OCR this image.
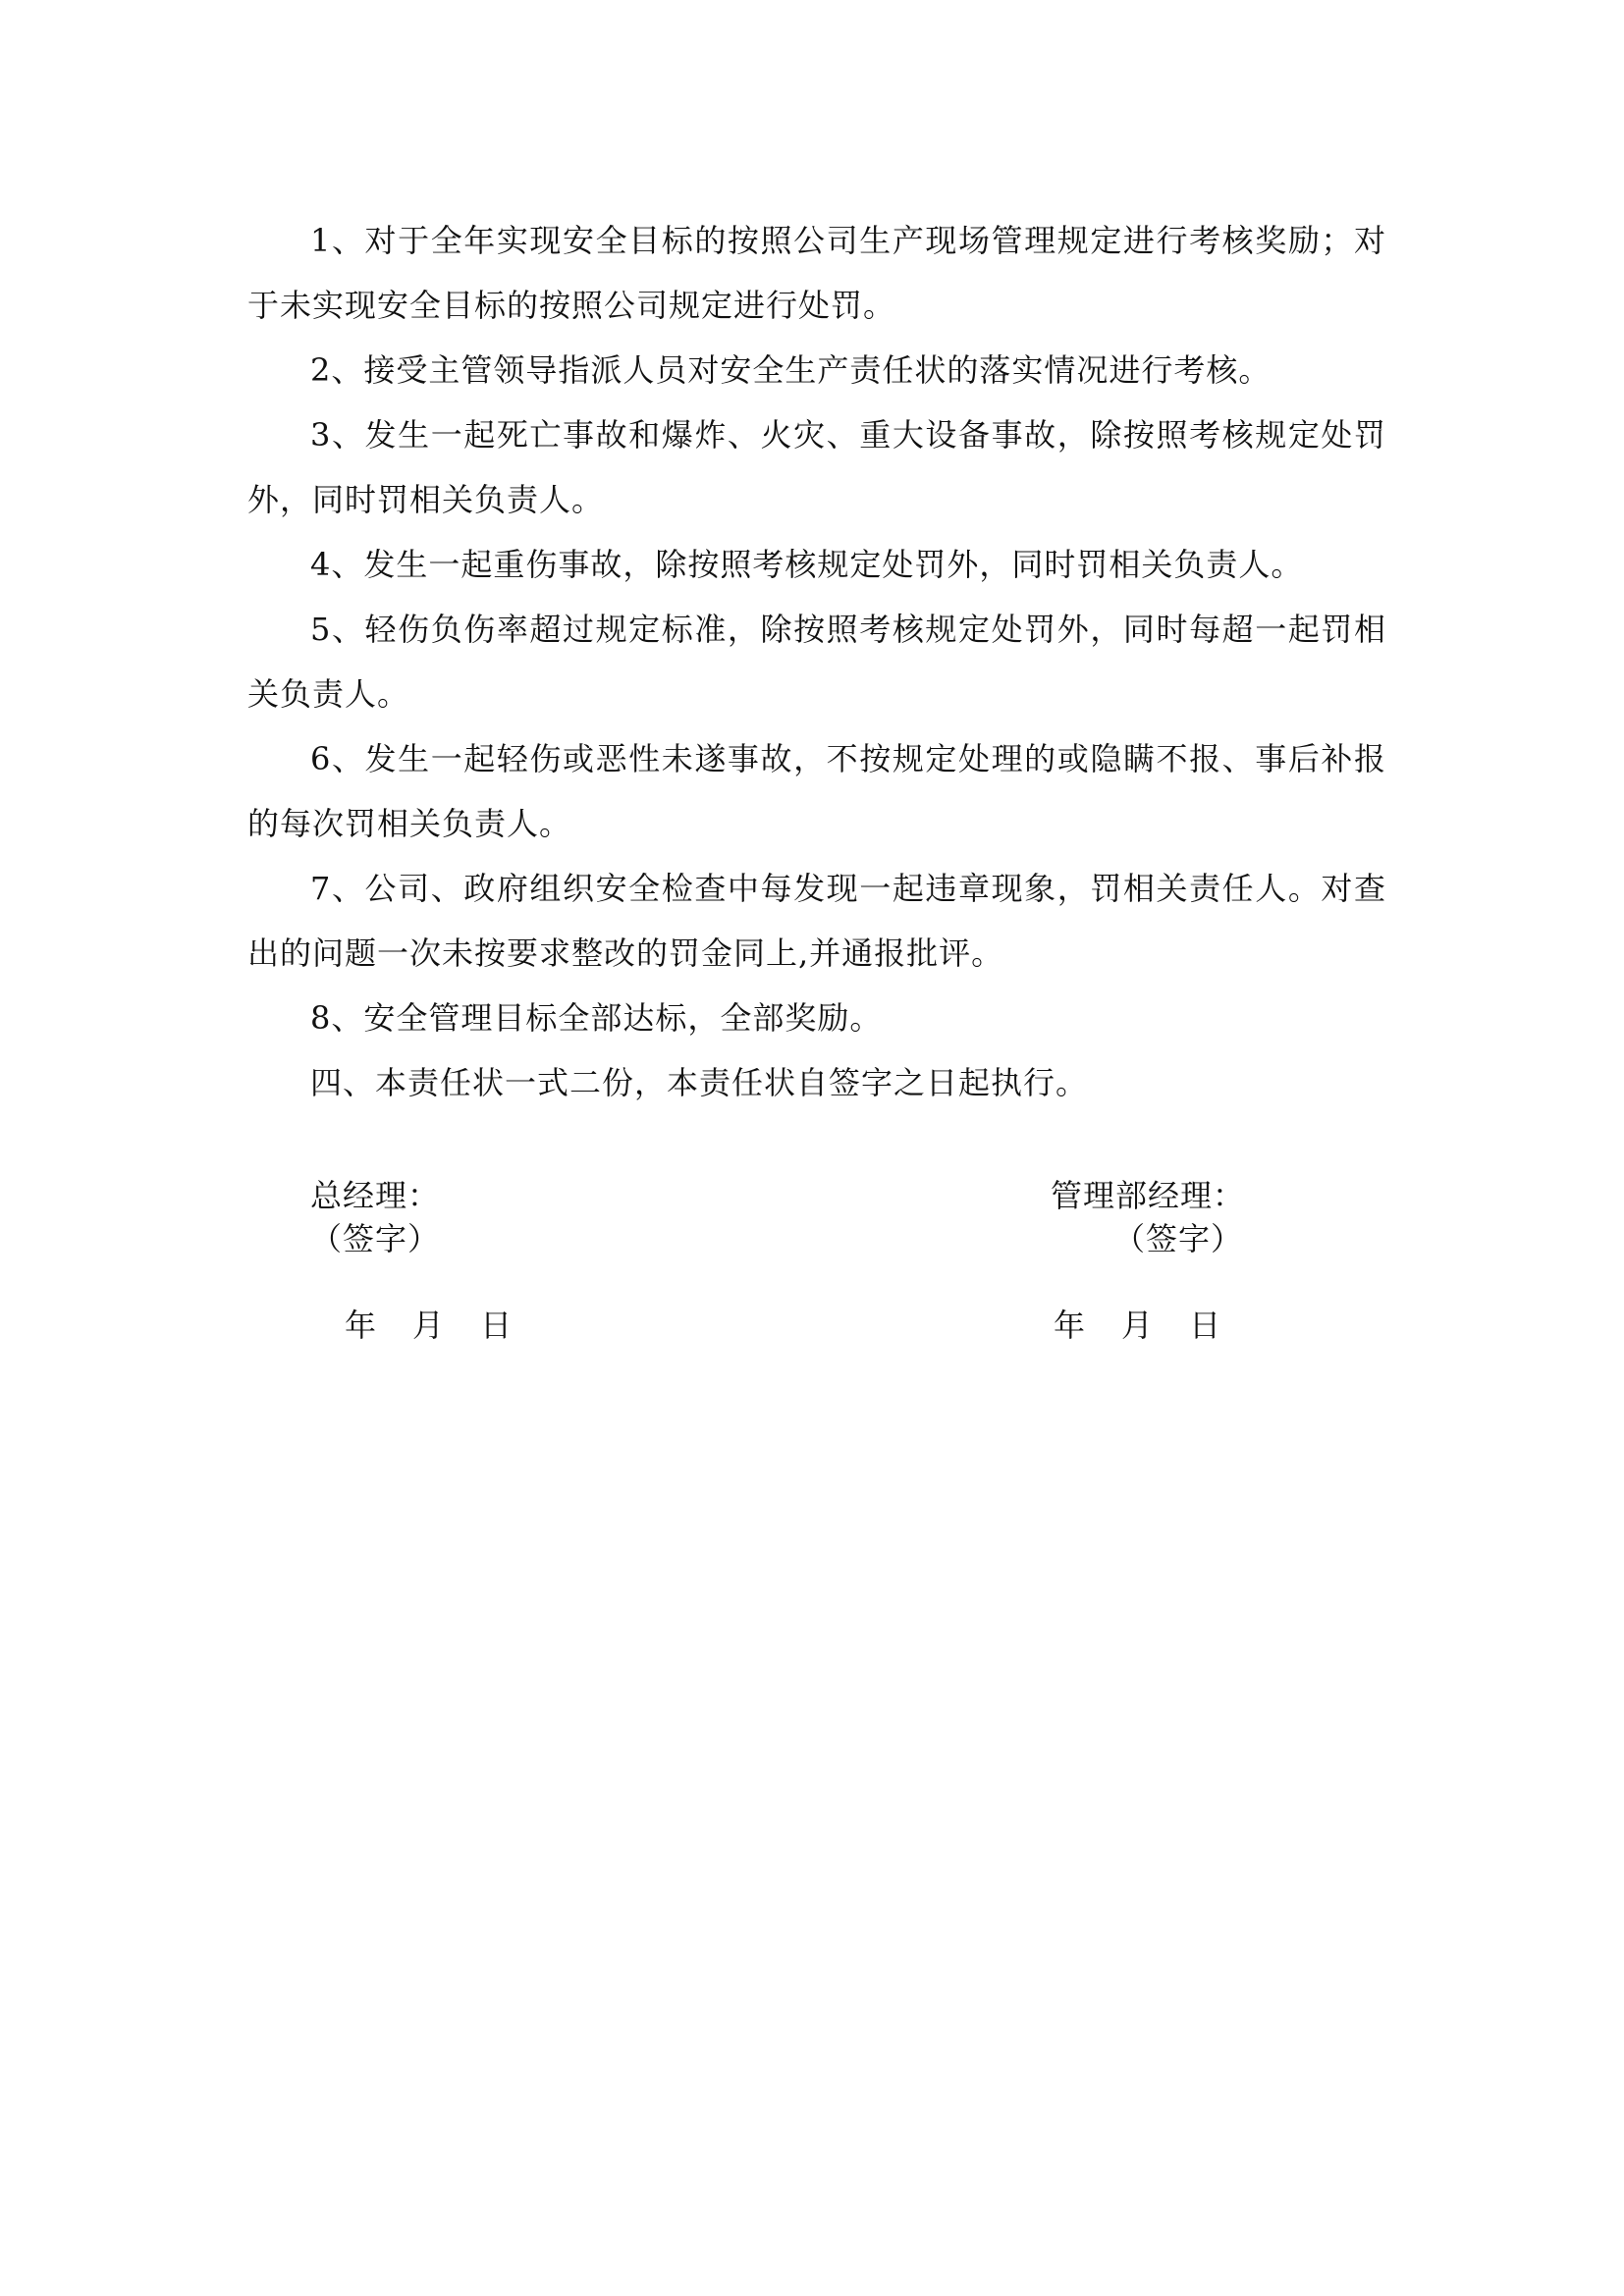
1、对于全年实现安全目标的按照公司生产现场管理规定进行考核奖励；对于未实现安全目标的按照公司规定进行处罚。

2、接受主管领导指派人员对安全生产责任状的落实情况进行考核。

3、发生一起死亡事故和爆炸、火灾、重大设备事故，除按照考核规定处罚外，同时罚相关负责人。

4、发生一起重伤事故，除按照考核规定处罚外，同时罚相关负责人。

5、轻伤负伤率超过规定标准，除按照考核规定处罚外，同时每超一起罚相关负责人。

6、发生一起轻伤或恶性未遂事故，不按规定处理的或隐瞒不报、事后补报的每次罚相关负责人。

7、公司、政府组织安全检查中每发现一起违章现象，罚相关责任人。对查出的问题一次未按要求整改的罚金同上,并通报批评。

8、安全管理目标全部达标，全部奖励。

四、本责任状一式二份，本责任状自签字之日起执行。

总经理：
（签字）

年 月 日

管理部经理：
（签字）

年 月 日
